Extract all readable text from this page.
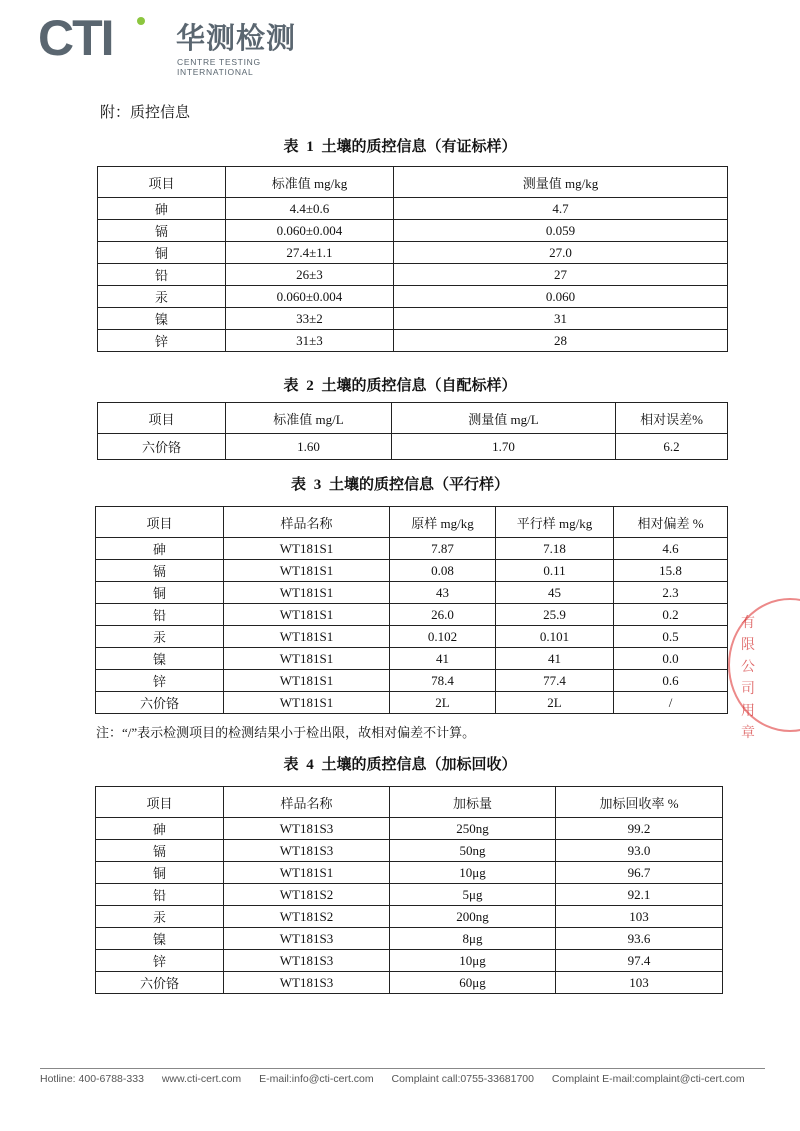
CTI 华测检测
CENTRE TESTING INTERNATIONAL
附：质控信息
表 1 土壤的质控信息（有证标样）
项目	标准值 mg/kg	测量值 mg/kg
砷	4.4±0.6	4.7
镉	0.060±0.004	0.059
铜	27.4±1.1	27.0
铅	26±3	27
汞	0.060±0.004	0.060
镍	33±2	31
锌	31±3	28
表 2 土壤的质控信息（自配标样）
项目	标准值 mg/L	测量值 mg/L	相对误差%
六价铬	1.60	1.70	6.2
表 3 土壤的质控信息（平行样）
项目	样品名称	原样 mg/kg	平行样 mg/kg	相对偏差 %
砷	WT181S1	7.87	7.18	4.6
镉	WT181S1	0.08	0.11	15.8
铜	WT181S1	43	45	2.3
铅	WT181S1	26.0	25.9	0.2
汞	WT181S1	0.102	0.101	0.5
镍	WT181S1	41	41	0.0
锌	WT181S1	78.4	77.4	0.6
六价铬	WT181S1	2L	2L	/
注：“/”表示检测项目的检测结果小于检出限，故相对偏差不计算。
表 4 土壤的质控信息（加标回收）
项目	样品名称	加标量	加标回收率 %
砷	WT181S3	250ng	99.2
镉	WT181S3	50ng	93.0
铜	WT181S1	10μg	96.7
铅	WT181S2	5μg	92.1
汞	WT181S2	200ng	103
镍	WT181S3	8μg	93.6
锌	WT181S3	10μg	97.4
六价铬	WT181S3	60μg	103
有
限
公
司
用
章
Hotline: 400-6788-333 www.cti-cert.com E-mail:info@cti-cert.com Complaint call:0755-33681700 Complaint E-mail:complaint@cti-cert.com
